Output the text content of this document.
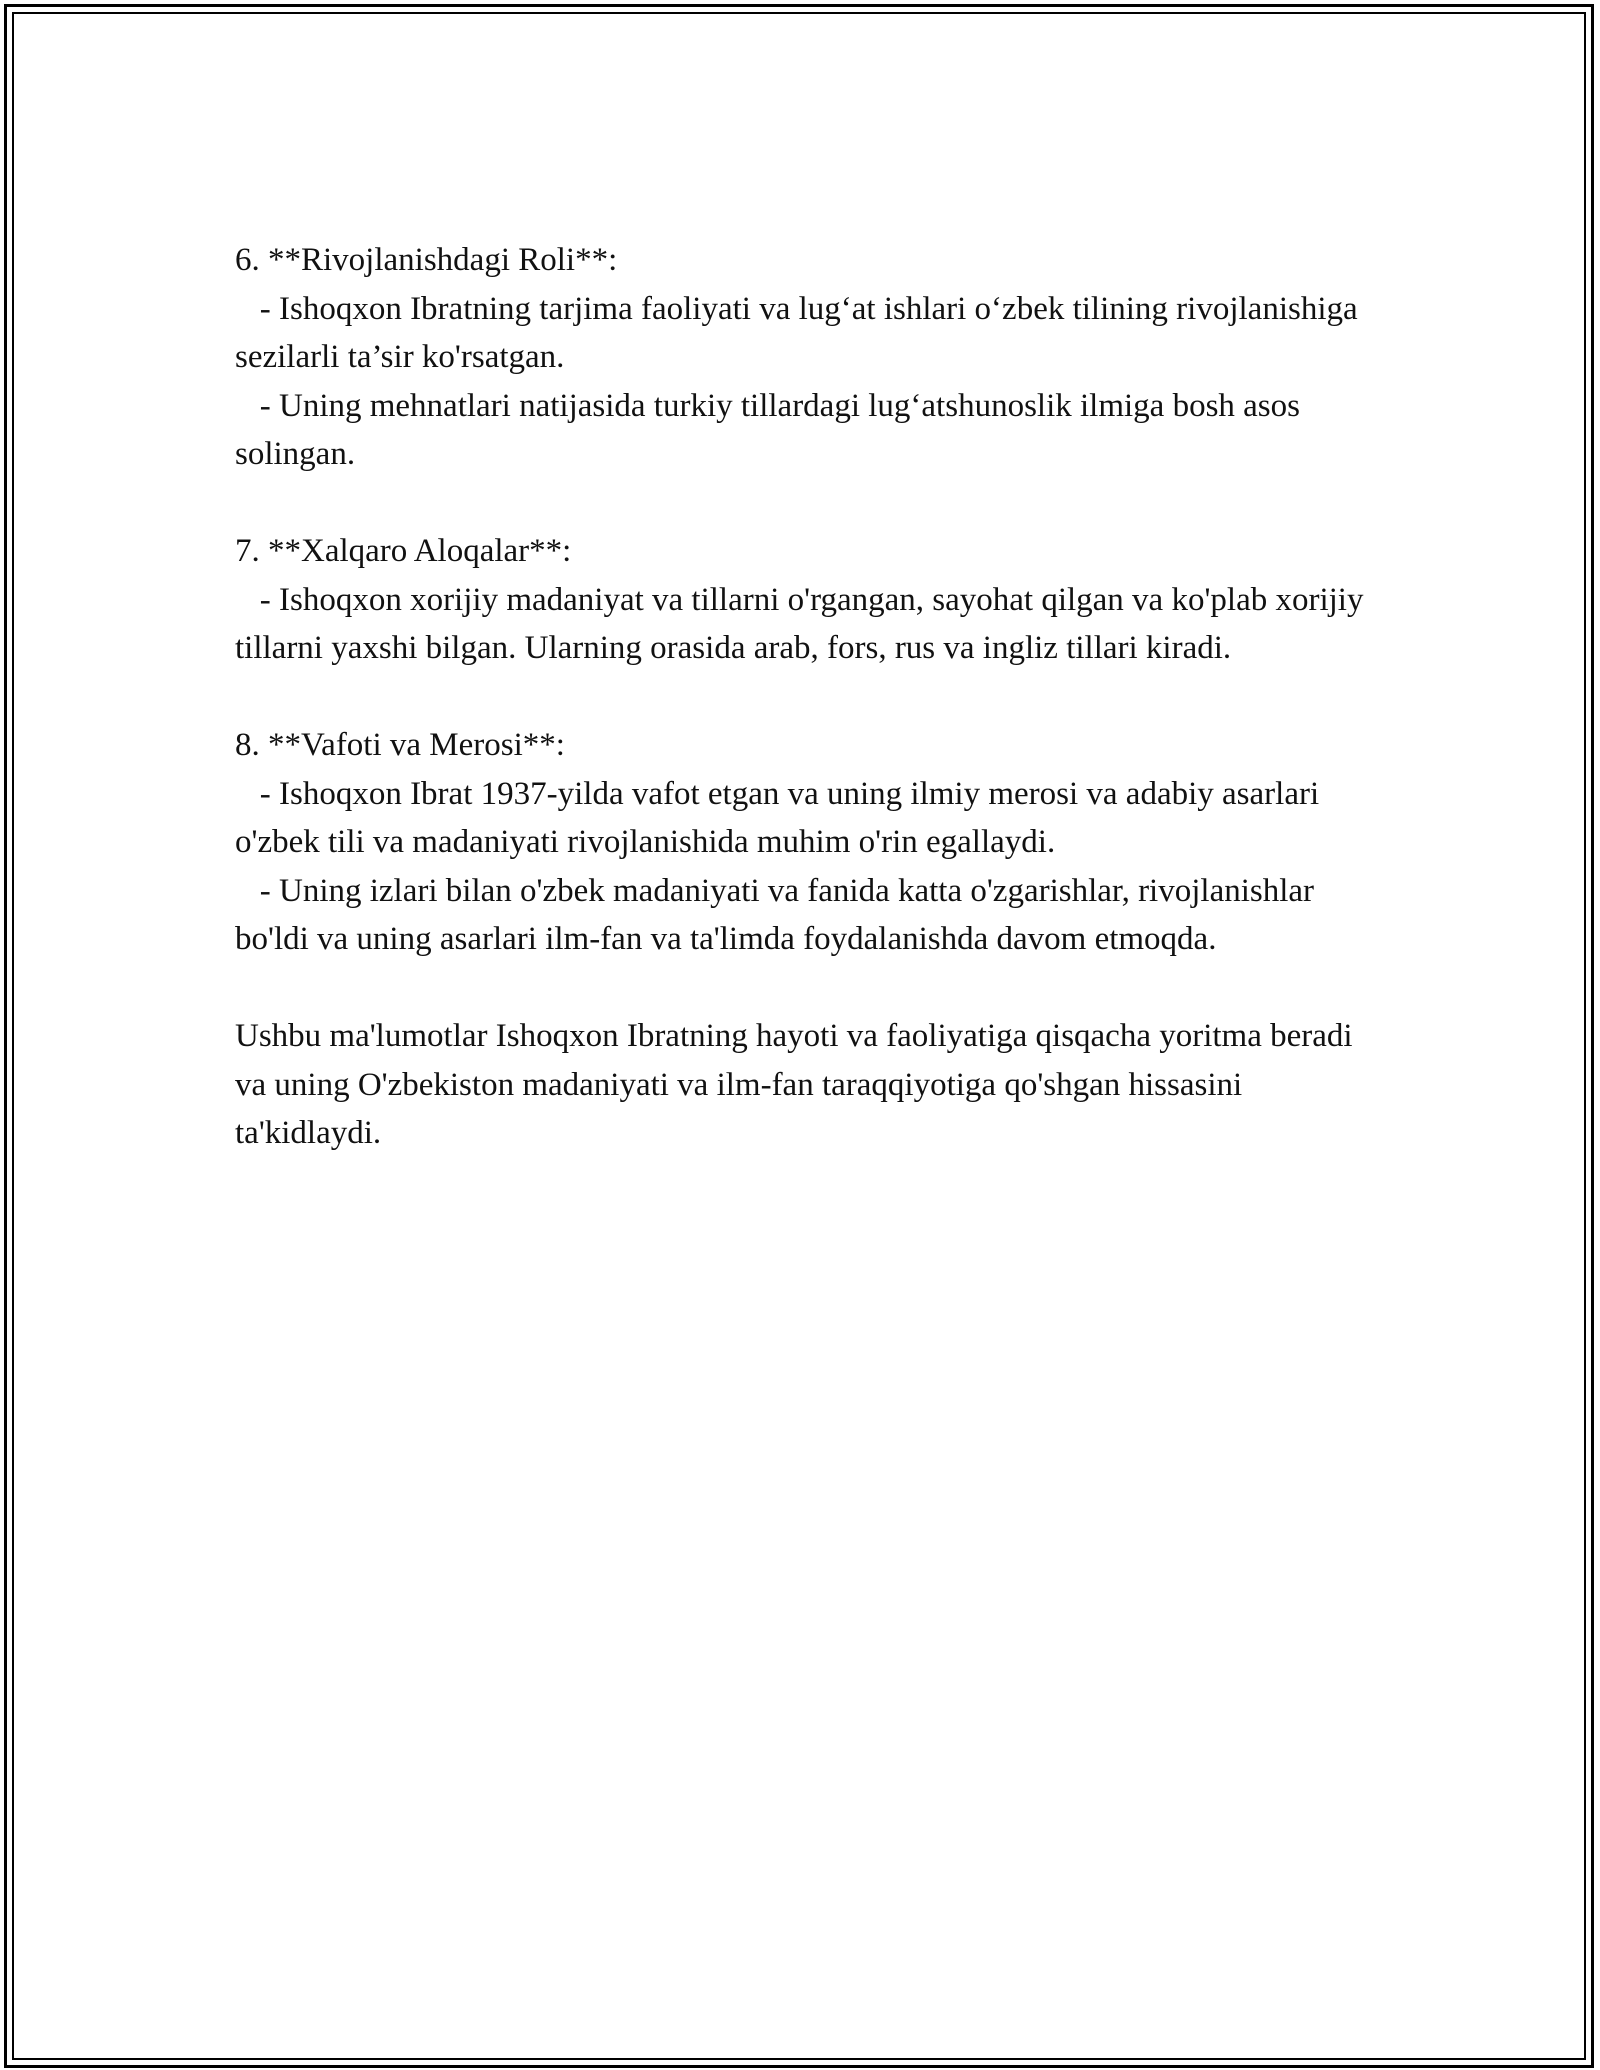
6. **Rivojlanishdagi Roli**:

- Ishoqxon Ibratning tarjima faoliyati va lug‘at ishlari o‘zbek tilining rivojlanishiga sezilarli ta’sir ko'rsatgan.

- Uning mehnatlari natijasida turkiy tillardagi lug‘atshunoslik ilmiga bosh asos solingan.

7. **Xalqaro Aloqalar**:

- Ishoqxon xorijiy madaniyat va tillarni o'rgangan, sayohat qilgan va ko'plab xorijiy tillarni yaxshi bilgan. Ularning orasida arab, fors, rus va ingliz tillari kiradi.

8. **Vafoti va Merosi**:

- Ishoqxon Ibrat 1937-yilda vafot etgan va uning ilmiy merosi va adabiy asarlari o'zbek tili va madaniyati rivojlanishida muhim o'rin egallaydi.

- Uning izlari bilan o'zbek madaniyati va fanida katta o'zgarishlar, rivojlanishlar bo'ldi va uning asarlari ilm-fan va ta'limda foydalanishda davom etmoqda.

Ushbu ma'lumotlar Ishoqxon Ibratning hayoti va faoliyatiga qisqacha yoritma beradi va uning O'zbekiston madaniyati va ilm-fan taraqqiyotiga qo'shgan hissasini ta'kidlaydi.
